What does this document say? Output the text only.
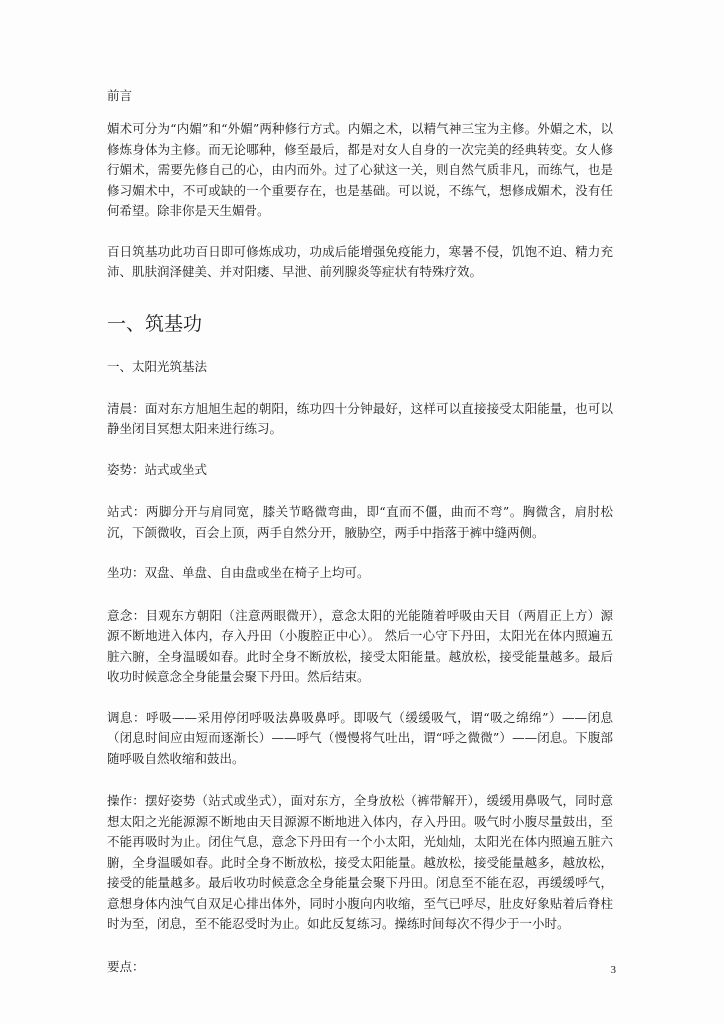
前言

媚术可分为“内媚”和“外媚”两种修行方式。内媚之术，以精气神三宝为主修。外媚之术，以修炼身体为主修。而无论哪种，修至最后，都是对女人自身的一次完美的经典转变。女人修行媚术，需要先修自己的心，由内而外。过了心狱这一关，则自然气质非凡，而练气，也是修习媚术中，不可或缺的一个重要存在，也是基础。可以说，不练气，想修成媚术，没有任何希望。除非你是天生媚骨。

百日筑基功此功百日即可修炼成功，功成后能增强免疫能力，寒暑不侵，饥饱不迫、精力充沛、肌肤润泽健美、并对阳痿、早泄、前列腺炎等症状有特殊疗效。

一、筑基功

一、太阳光筑基法

清晨：面对东方旭旭生起的朝阳，练功四十分钟最好，这样可以直接接受太阳能量，也可以静坐闭目冥想太阳来进行练习。

姿势：站式或坐式

站式：两脚分开与肩同宽，膝关节略微弯曲，即“直而不僵，曲而不弯”。胸微含，肩肘松沉，下颌微收，百会上顶，两手自然分开，腋胁空，两手中指落于裤中缝两侧。

坐功：双盘、单盘、自由盘或坐在椅子上均可。

意念：目观东方朝阳（注意两眼微开），意念太阳的光能随着呼吸由天目（两眉正上方）源源不断地进入体内，存入丹田（小腹腔正中心）。 然后一心守下丹田，太阳光在体内照遍五脏六腑，全身温暖如春。此时全身不断放松，接受太阳能量。越放松，接受能量越多。最后收功时候意念全身能量会聚下丹田。然后结束。

调息：呼吸——采用停闭呼吸法鼻吸鼻呼。即吸气（缓缓吸气，谓“吸之绵绵”）——闭息（闭息时间应由短而逐渐长）——呼气（慢慢将气吐出，谓“呼之微微”）——闭息。下腹部随呼吸自然收缩和鼓出。

操作：摆好姿势（站式或坐式），面对东方，全身放松（裤带解开），缓缓用鼻吸气，同时意想太阳之光能源源不断地由天目源源不断地进入体内，存入丹田。吸气时小腹尽量鼓出，至不能再吸时为止。闭住气息，意念下丹田有一个小太阳，光灿灿，太阳光在体内照遍五脏六腑，全身温暖如春。此时全身不断放松，接受太阳能量。越放松，接受能量越多，越放松，接受的能量越多。最后收功时候意念全身能量会聚下丹田。闭息至不能在忍，再缓缓呼气，意想身体内浊气自双足心排出体外，同时小腹向内收缩，至气已呼尽，肚皮好象贴着后脊柱时为至，闭息，至不能忍受时为止。如此反复练习。操练时间每次不得少于一小时。

要点：	3
